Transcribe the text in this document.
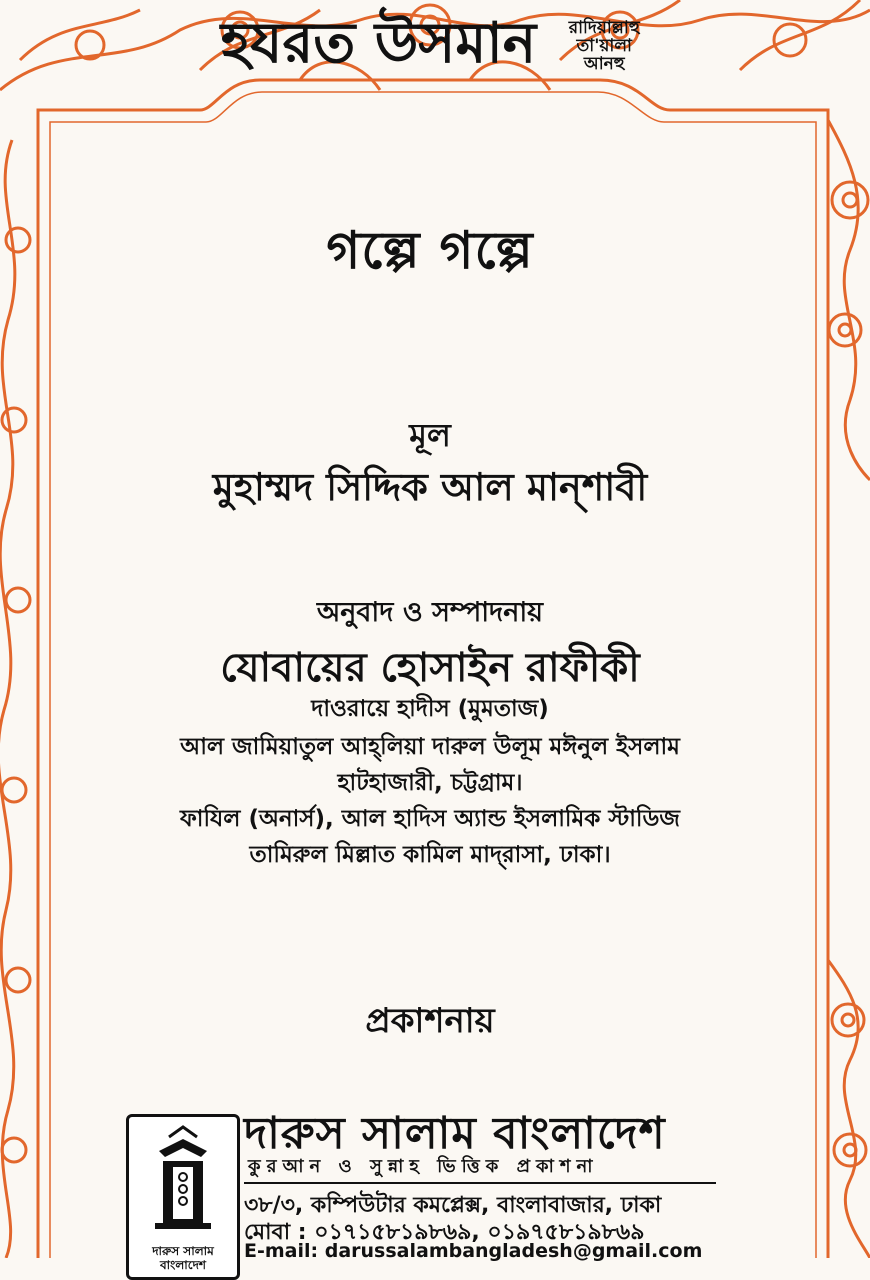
গল্পে গল্পে
হযরত উসমান	রাদিয়াল্লাহু
তা'য়ালা
আনহু
মূল
মুহাম্মদ সিদ্দিক আল মান্‌শাবী
অনুবাদ ও সম্পাদনায়
যোবায়ের হোসাইন রাফীকী
দাওরায়ে হাদীস (মুমতাজ)
আল জামিয়াতুল আহ্‌লিয়া দারুল উলূম মঈনুল ইসলাম
হাটহাজারী, চট্টগ্রাম।
ফাযিল (অনার্স), আল হাদিস অ্যান্ড ইসলামিক স্টাডিজ
তামিরুল মিল্লাত কামিল মাদ্‌রাসা, ঢাকা।
প্রকাশনায়
দারুস সালাম
বাংলাদেশ
দারুস সালাম বাংলাদেশ
কুরআন ও সুন্নাহ ভিত্তিক প্রকাশনা
৩৮/৩, কম্পিউটার কমপ্লেক্স, বাংলাবাজার, ঢাকা
মোবা : ০১৭১৫৮১৯৮৬৯, ০১৯৭৫৮১৯৮৬৯
E-mail: darussalambangladesh@gmail.com
